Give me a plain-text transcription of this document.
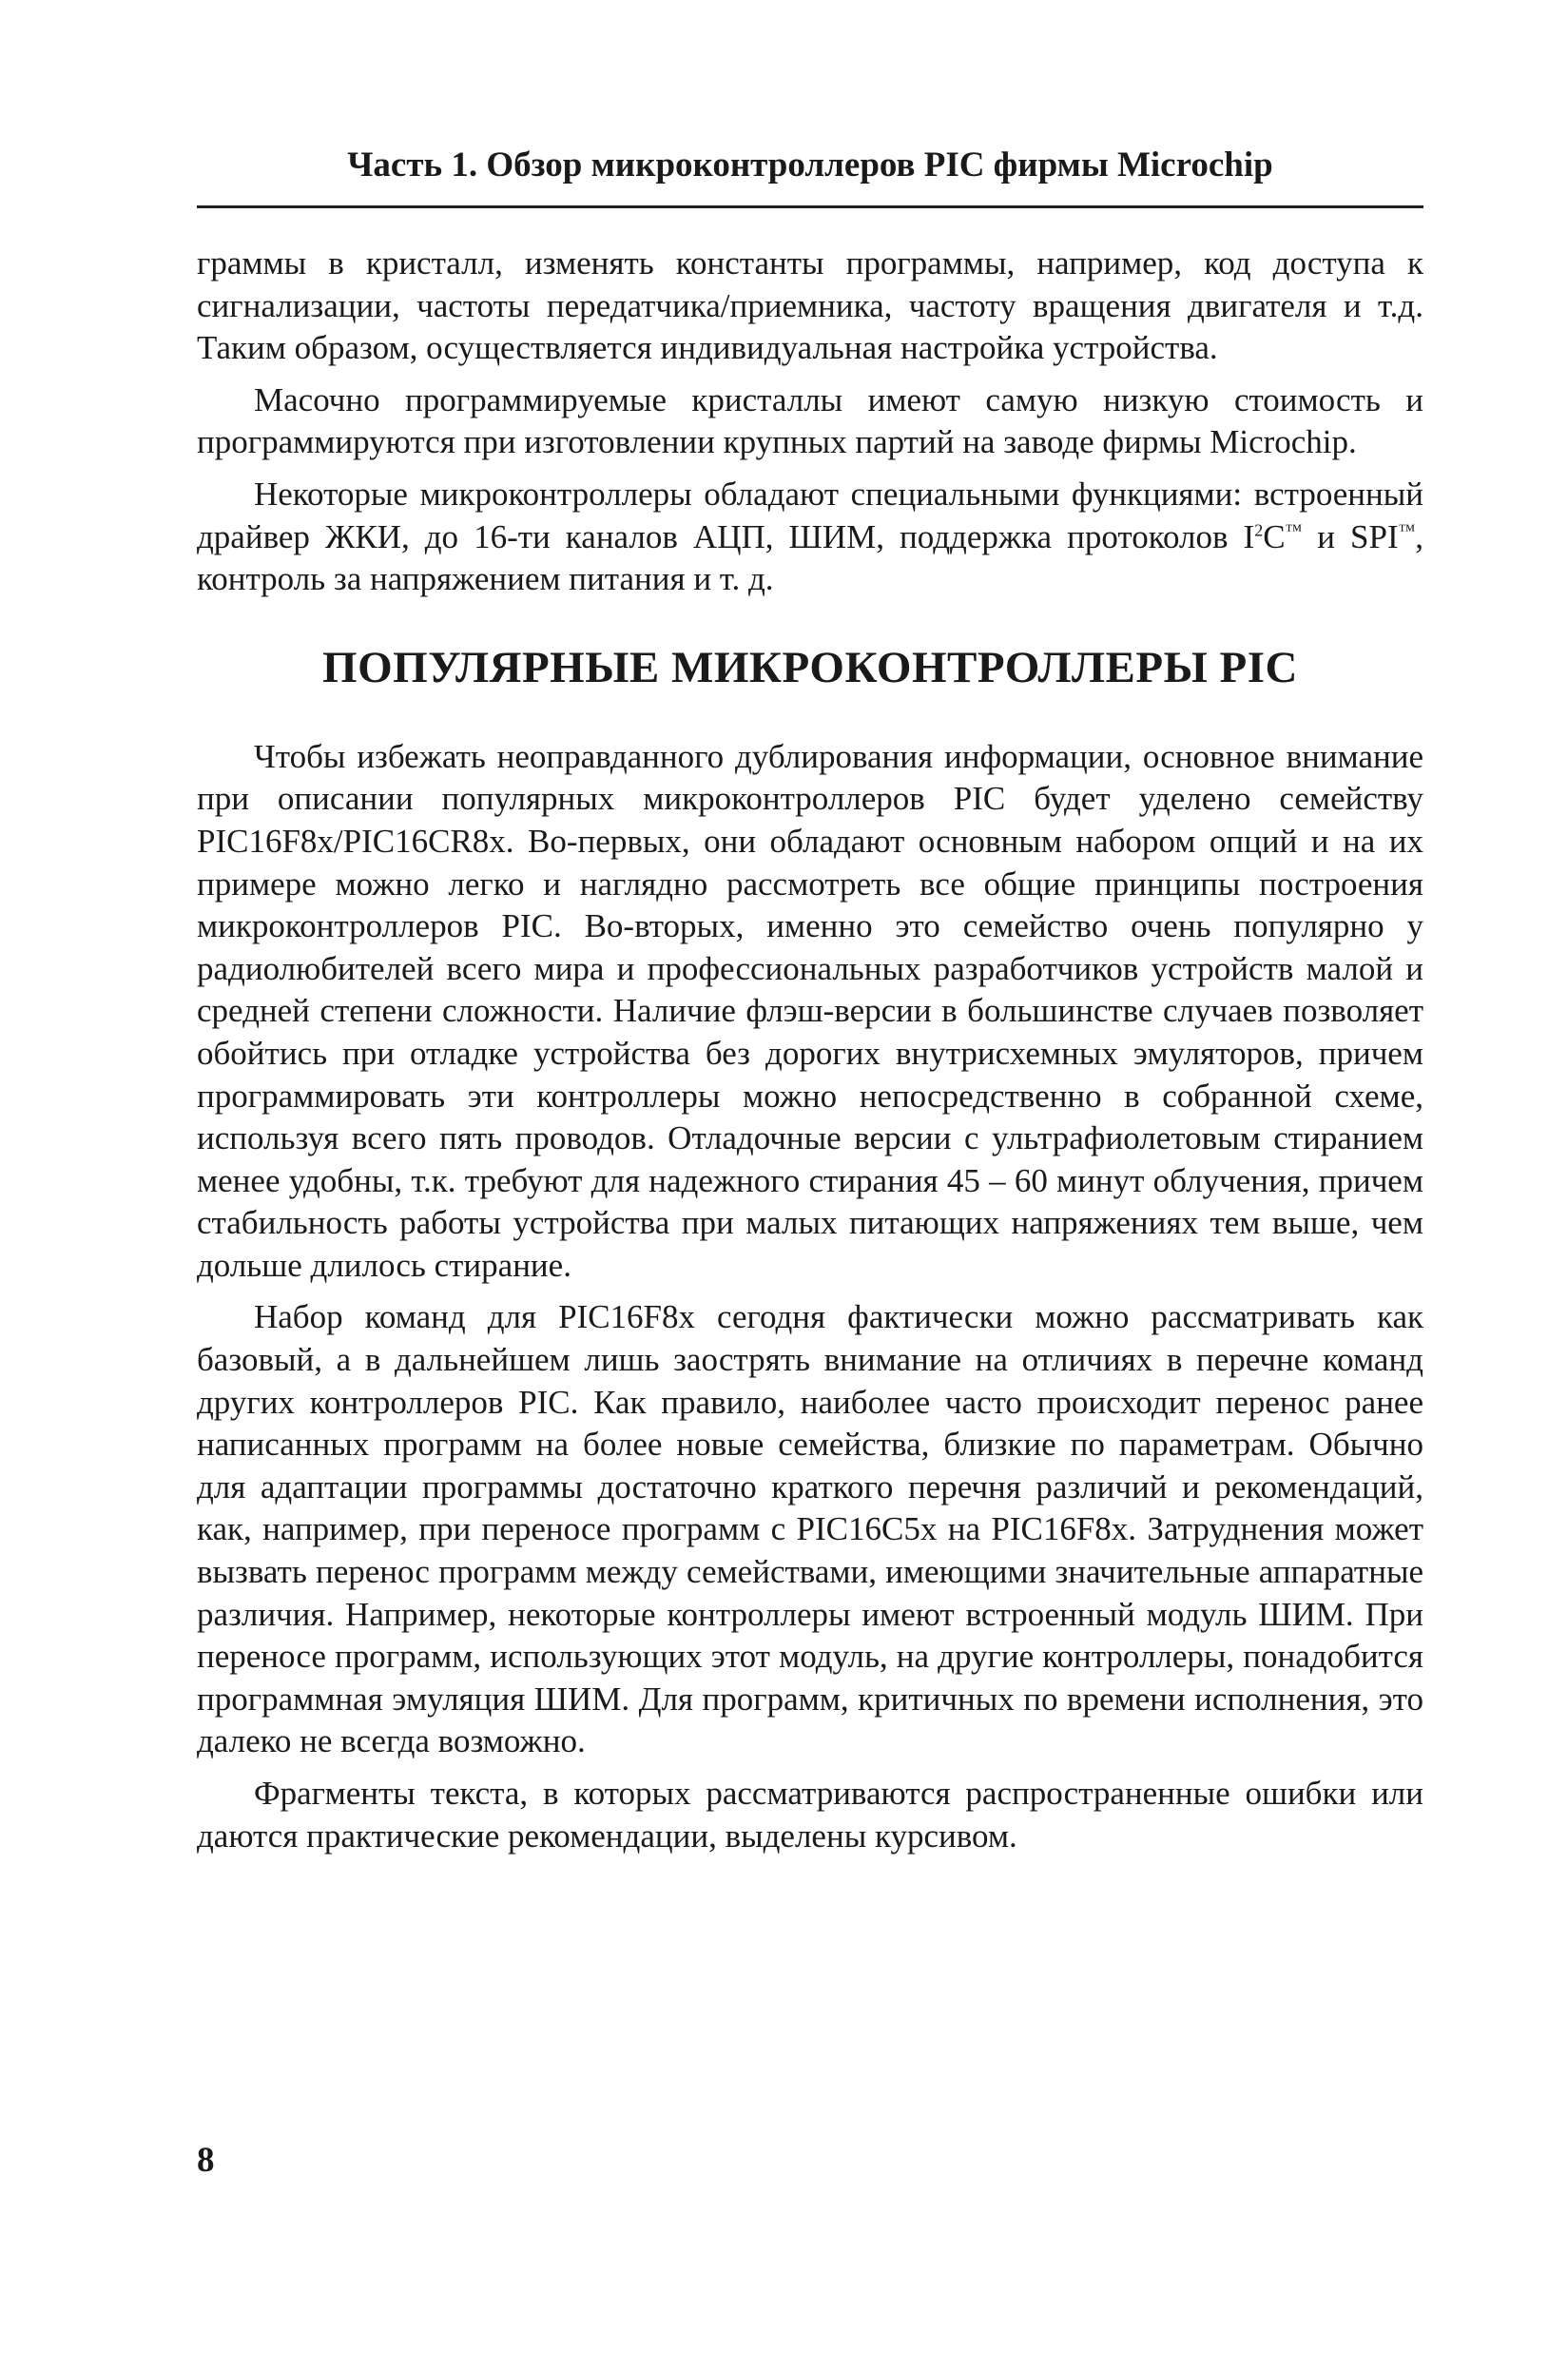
Часть 1. Обзор микроконтроллеров PIC фирмы Microchip

граммы в кристалл, изменять константы программы, например, код доступа к сигнализации, частоты передатчика/приемника, частоту вращения двигателя и т.д. Таким образом, осуществляется индивидуальная настройка устройства.

Масочно программируемые кристаллы имеют самую низкую стоимость и программируются при изготовлении крупных партий на заводе фирмы Microchip.

Некоторые микроконтроллеры обладают специальными функциями: встроенный драйвер ЖКИ, до 16-ти каналов АЦП, ШИМ, поддержка протоколов $I^2C™$ и SPI™, контроль за напряжением питания и т. д.

ПОПУЛЯРНЫЕ МИКРОКОНТРОЛЛЕРЫ PIC

Чтобы избежать неоправданного дублирования информации, основное внимание при описании популярных микроконтроллеров PIC будет уделено семейству PIC16F8x/PIC16CR8x. Во-первых, они обладают основным набором опций и на их примере можно легко и наглядно рассмотреть все общие принципы построения микроконтроллеров PIC. Во-вторых, именно это семейство очень популярно у радиолюбителей всего мира и профессиональных разработчиков устройств малой и средней степени сложности. Наличие флэш-версии в большинстве случаев позволяет обойтись при отладке устройства без дорогих внутрисхемных эмуляторов, причем программировать эти контроллеры можно непосредственно в собранной схеме, используя всего пять проводов. Отладочные версии с ультрафиолетовым стиранием менее удобны, т.к. требуют для надежного стирания 45 – 60 минут облучения, причем стабильность работы устройства при малых питающих напряжениях тем выше, чем дольше длилось стирание.

Набор команд для PIC16F8x сегодня фактически можно рассматривать как базовый, а в дальнейшем лишь заострять внимание на отличиях в перечне команд других контроллеров PIC. Как правило, наиболее часто происходит перенос ранее написанных программ на более новые семейства, близкие по параметрам. Обычно для адаптации программы достаточно краткого перечня различий и рекомендаций, как, например, при переносе программ с PIC16C5x на PIC16F8x. Затруднения может вызвать перенос программ между семействами, имеющими значительные аппаратные различия. Например, некоторые контроллеры имеют встроенный модуль ШИМ. При переносе программ, использующих этот модуль, на другие контроллеры, понадобится программная эмуляция ШИМ. Для программ, критичных по времени исполнения, это далеко не всегда возможно.

Фрагменты текста, в которых рассматриваются распространенные ошибки или даются практические рекомендации, выделены курсивом.

8
